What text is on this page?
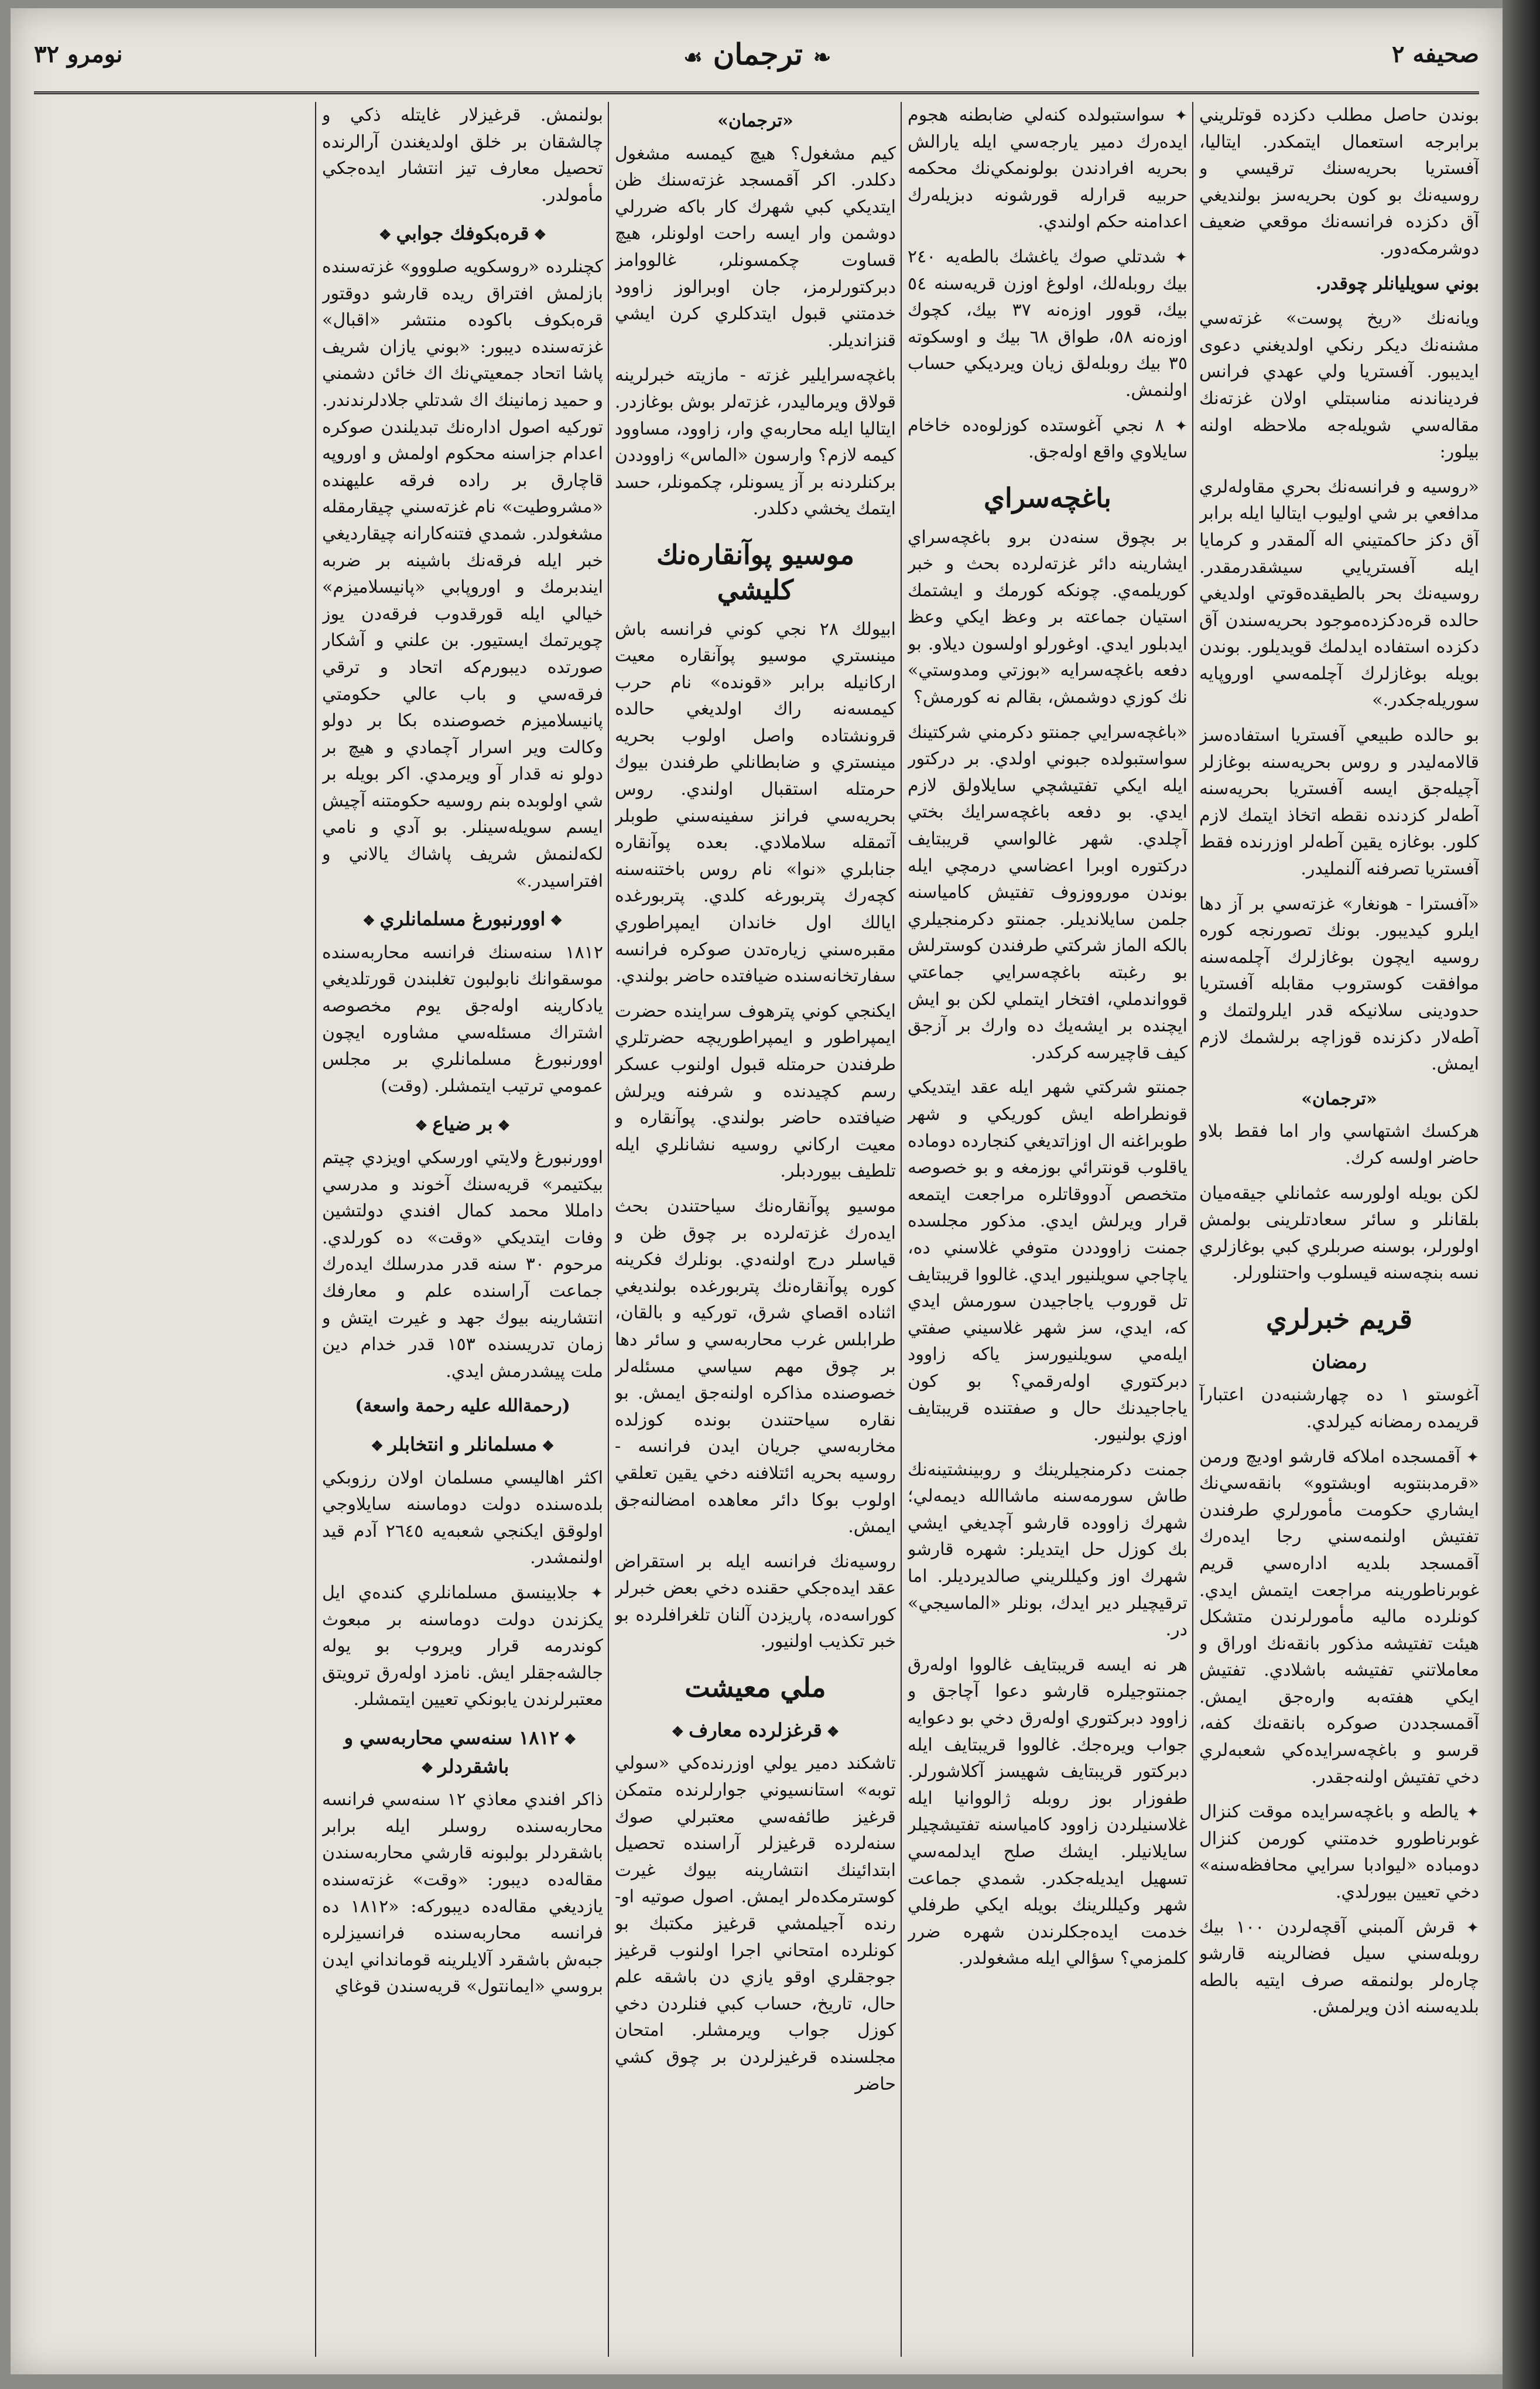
صحيفه ٢
❧ترجمان☙
نومرو ٣٢

بوندن حاصل مطلب دكزده قوتلريني برابرجه استعمال ايتمكدر. ايتاليا، آفستريا بحريه‌سنك ترقيسي و روسيه‌نك بو كون بحريه‌سز بولنديغي آق دكزده فرانسه‌نك موقعي ضعيف دوشرمكه‌دور.

بوني سويليانلر چوقدر.

ويانه‌نك «ريخ پوست» غزته‌سي مشنه‌نك ديكر رنكي اولديغني دعوى ايديبور. آفستريا ولي عهدي فرانس فرديناندنه مناسبتلي اولان غزته‌نك مقاله‌سي شويله‌جه ملاحظه اولنه بيلور:

«روسيه و فرانسه‌نك بحري مقاوله‌لري مدافعي بر شي اوليوب ايتاليا ايله برابر آق دكز حاكمتيني اله آلمقدر و كرمايا ايله آفستريايي سيشقدرمقدر. روسيه‌نك بحر بالطيقده‌قوتي اولديغي حالده قره‌دكزده‌موجود بحريه‌سندن آق دكزده استفاده ايدلمك قويديلور. بوندن بويله بوغازلرك آچلمه‌سي اوروپايه سوريله‌جكدر.»

بو حالده طبيعي آفستريا استفاده‌سز قالامه‌ليدر و روس بحريه‌سنه بوغازلر آچيله‌جق ايسه آفستريا بحريه‌سنه آطه‌لر كزدنده نقطه اتخاذ ايتمك لازم كلور. بوغازه يقين آطه‌لر اوزرنده فقط آفستريا تصرفنه آلنمليدر.

«آفسترا - هونغار» غزته‌سي بر آز دها ايلرو كيديبور. بونك تصورنجه كوره روسيه ايچون بوغازلرك آچلمه‌سنه موافقت كوستروب مقابله آفستريا حدودينى سلانيكه قدر ايلرولتمك و آطه‌لار دكزنده قوزاچه برلشمك لازم ايمش.

«ترجمان»

هركسك اشتهاسي وار اما فقط بلاو حاضر اولسه كرك.

لكن بويله اولورسه عثمانلي جيقه‌ميان بلقانلر و سائر سعادتلرينى بولمش اولورلر، بوسنه صربلري كبي بوغازلري نسه بنچه‌سنه قيسلوب واحتنلورلر.

قريم خبرلري
رمضان

آغوستو ١ ده چهارشنبه‌دن اعتبارآ قريمده رمضانه كيرلدي.

✦ آقمسجده املاكه قارشو اوديچ ورمن «قرمدبنتوبه اوبشتوو» بانقه‌سي‌نك ايشاري حكومت مأمورلري طرفندن تفتيش اولنمه‌سني رجا ايده‌رك آقمسجد بلديه اداره‌سي قريم غوبرناطورينه مراجعت ايتمش ايدي. كونلرده ماليه مأمورلرندن متشكل هيئت تفتيشه مذكور بانقه‌نك اوراق و معاملاتني تفتيشه باشلادي. تفتيش ايكي هفته‌به واره‌جق ايمش. آقمسجددن صوكره بانقه‌نك كفه، قرسو و باغچه‌سرايده‌كي شعبه‌لري دخي تفتيش اولنه‌جقدر.

✦ يالطه و باغچه‌سرايده موقت كنزال غوبرناطورو خدمتني كورمن كنزال دومباده «ليوادبا سرايي محافظه‌سنه» دخي تعيين بيورلدي.

✦ قرش آلمبني آقچه‌لردن ١٠٠ بيك روبله‌سني سيل فضالرينه قارشو چارەلر بولنمقه صرف ايتيه بالطه بلديه‌سنه اذن ويرلمش.

✦ سواستبولده كنه‌لي ضابطنه هجوم ايده‌رك دمير يارجه‌سي ايله يارالش بحريه افرادندن بولونمكي‌نك محكمه حربيه قرارله قورشونه دبزيله‌رك اعدامنه حكم اولندي.

✦ شدتلي صوك ياغشك بالطه‌يه ٢٤٠ بيك روبله‌لك، اولوغ اوزن قريه‌سنه ٥٤ بيك، قوور اوزه‌نه ٣٧ بيك، كچوك اوزه‌نه ٥٨، طواق ٦٨ بيك و اوسكوته ٣٥ بيك روبله‌لق زيان ويرديكي حساب اولنمش.

✦ ٨ نجي آغوستده كوزلوه‌ده خاخام سايلاوي واقع اوله‌جق.

باغچه‌سراي

بر بچوق سنه‌دن برو باغچه‌سراي ايشارينه دائر غزته‌لرده بحث و خبر كوريلمه‌ي. چونكه كورمك و ايشتمك استيان جماعته بر وعظ ايكي وعظ ايدبلور ايدي. اوغورلو اولسون ديلاو. بو دفعه باغچه‌سرايه «بوزتي ومدوستي» نك كوزي دوشمش، بقالم نه كورمش؟

«باغچه‌سرايي جمنتو دكرمني شركتينك سواستبولده جبوني اولدي. بر دركتور ايله ايكي تفتيشچي سايلاولق لازم ايدي. بو دفعه باغچه‌سرايك بختي آچلدي. شهر غالواسي قريبتايف دركتوره اوبرا اعضاسي درمچي ايله بوندن مورووزوف تفتيش كاميا‌سنه جلمن سايلانديلر. جمنتو دكرمنجيلري بالكه الماز شركتي طرفندن كوسترلش بو رغبته باغچه‌سرايي جماعتي قوواندملي، افتخار ايتملي لكن بو ايش ايچنده بر ايشه‌يك ده وارك بر آزجق كيف قاچيرسه كركدر.

جمنتو شركتي شهر ايله عقد ايتديكي قونطراطه ايش كوريكي و شهر طوبراغنه ال اوزاتديغي كنجارده دوماده ياقلوب قونترائي بوزمغه و بو خصوصه متخصص آدووقاتلره مراجعت ايتمعه قرار ويرلش ايدي. مذكور مجلسده جمنت زاووددن متوفي غلاسني ده، ياچاجي سويلنيور ايدي. غالووا قريبتايف تل قوروب ياجاجيدن سورمش ايدي كه، ايدي، سز شهر غلاسيني صفتي ايله‌مي سويلنيورسز ياكه زاوود دبركتوري اوله‌رقمي؟ بو كون ياجاجيدنك حال و صفتنده قريبتايف اوزي بولنيور.

جمنت دكرمنجيلرينك و روبينشتينەنك طاش سورمه‌سنه ماشاالله ديمه‌لي؛ شهرك زاووده قارشو آچديغي ايشي بك كوزل حل ايتديلر: شهره قارشو شهرك اوز وكيللريني صالديرديلر. اما ترقيچيلر دير ايدك، بونلر «الماسيجي» در.

هر نه ايسه قريبتايف غالووا اوله‌رق جمنتوجيلره قارشو دعوا آچاجق و زاوود دبركتوري اوله‌رق دخي بو دعوايه جواب ويره‌جك. غالووا قريبتايف ايله دبركتور قريبتايف شهيسز آكلاشورلر. طفوزار بوز روبله ژالووانيا ايله غلاسنيلردن زاوود كاميا‌سنه تفتيشچيلر سايلانيلر. ايشك صلح ايدلمه‌سي تسهيل ايديله‌جكدر. شمدي جماعت شهر وكيللرينك بويله ايكي طرفلي خدمت ايده‌جكلرندن شهره ضرر كلمزمي؟ سؤالي ايله مشغولدر.

«ترجمان»

كيم مشغول؟ هيچ كيمسه مشغول دكلدر. اكر آقمسجد غزته‌سنك ظن ايتديكي كبي شهرك كار باكه ضررلي دوشمن وار ايسه راحت اولونلر، هيچ قساوت چكمسونلر، غالووامز دبركتورلرمز، جان اوبرالوز زاوود خدمتني قبول ايتدكلري كرن ايشي قنزانديلر.

باغچه‌سرايلير غزته - مازيته خبرلرينه قولاق ويرماليدر، غزته‌لر بوش بوغازدر. ايتاليا ايله محاربه‌ي وار، زاوود، مساوود كيمه لازم؟ وارسون «الماس» زاووددن بركنلردنه بر آز يسونلر، چكمونلر، حسد ايتمك يخشي دكلدر.

موسيو پوآنقاره‌نك كليشي

ابيولك ٢٨ نجي كوني فرانسه باش مينستري موسيو پوآنقاره معيت اركانيله برابر «قونده» نام حرب كيمسه‌نه راك اولديغي حالده قرونشتاده واصل اولوب بحريه مينستري و ضابطانلي طرفندن بيوك حرمتله استقبال اولندي. روس بحريه‌سي فرانز سفينه‌سني طوبلر آتمقله سلاملادي. بعده پوآنقاره جنابلري «نوا» نام روس باختنه‌سنه كچه‌رك پتربورغه كلدي. پتربورغده ايالك اول خاندان ايمپراطوري مقبره‌سني زياره‌تدن صوكره فرانسه سفارتخانه‌سنده ضيافتده حاضر بولندي.

ايكنجي كوني پترهوف سراينده حضرت ايمپراطور و ايمپراطوريچه حضرتلري طرفندن حرمتله قبول اولنوب عسكر رسم كچيدنده و شرفنه ويرلش ضيافتده حاضر بولندي. پوآنقاره و معيت اركاني روسيه نشانلري ايله تلطيف بيوردبلر.

موسيو پوآنقاره‌نك سياحتندن بحث ايده‌رك غزته‌لرده بر چوق ظن و قياسلر درج اولنه‌دي. بونلرك فكرينه كوره پوآنقاره‌نك پتربورغده بولنديغي اثناده اقصاي شرق، توركيه و بالقان، طرابلس غرب محاربه‌سي و سائر دها بر چوق مهم سياسي مسئله‌لر خصوصنده مذاكره اولنه‌جق ايمش. بو نقاره سياحتندن بونده كوزلده مخاربه‌سي جريان ايدن فرانسه - روسيه بحريه ائتلافنه دخي يقين تعلقي اولوب بوكا دائر معاهده امضالنه‌جق ايمش.

روسيه‌نك فرانسه ايله بر استقراض عقد ايده‌جكي حقنده دخي بعض خبرلر كوراسه‌ده، پاريزدن آلنان تلغرافلرده بو خبر تكذيب اولنيور.

ملي معيشت
❖قرغزلرده معارف❖

تاشكند دمير يولي اوزرنده‌كي «سولي توبه» استانسيوني جوارلرنده متمكن قرغيز طائفه‌سي معتبرلي صوك سنه‌لرده قرغيزلر آراسنده تحصيل ابتدائينك انتشارينه بيوك غيرت كوسترمكده‌لر ايمش. اصول صوتيه او-رنده آجيلمشي قرغيز مكتبك بو كونلرده امتحاني اجرا اولنوب قرغيز جوجقلري اوقو يازي دن باشقه علم حال، تاريخ، حساب كبي فنلردن دخي كوزل جواب ويرمشلر. امتحان مجلسنده قرغيزلردن بر چوق كشي حاضر

بولنمش. قرغيزلار غايتله ذكي و چالشقان بر خلق اولديغندن آرالرنده تحصيل معارف تيز انتشار ايده‌جكي مأمولدر.

❖قره‌بكوفك جوابي❖

كچنلرده «روسكويه صلووو» غزته‌سنده بازلمش افتراق ريده قارشو دوقتور قره‌بكوف باكوده منتشر «اقبال» غزته‌سنده ديبور: «بوني يازان شريف پاشا اتحاد جمعيتي‌نك اك خائن دشمني و حميد زمانينك اك شدتلي جلادلرندندر. توركيه اصول اداره‌نك تبديلندن صوكره اعدام جزاسنه محكوم اولمش و اوروپه قاچارق بر راده فرقه عليهنده «مشروطيت» نام غزته‌سني چيقارمقله مشغولدر. شمدي فتنه‌كارانه چيقارديغي خبر ايله فرقه‌نك باشينه بر ضربه ايندبرمك و اوروپابي «پانيسلاميزم» خيالي ايله قورقدوب فرقه‌دن يوز چويرتمك ايستيور. بن علني و آشكار صورتده ديبورم‌كه اتحاد و ترقي فرقه‌سي و باب عالي حكومتي پانيسلاميزم خصوصنده بكا بر دولو وكالت وير اسرار آچمادي و هيچ بر دولو نه قدار آو ويرمدي. اكر بويله بر شي اولوبده بنم روسيه حكومتنه آچيش ايسم سويله‌سينلر. بو آدي و نامي لكه‌لنمش شريف پاشاك يالاني و افترا‌سيدر.»

❖اوورنبورغ مسلمانلري❖

١٨١٢ سنه‌سنك فرانسه محاربه‌سنده موسقوانك نابولبون تغلبندن قورتلديغي يادكارينه اوله‌جق يوم مخصوصه اشتراك مسئله‌سي مشاوره ايچون اوورنبورغ مسلمانلري بر مجلس عمومي ترتيب ايتمشلر. (وقت)

❖بر ضياع❖

اوورنبورغ ولايتي اورسكي اويزدي چيتم بيكتيمر» قريه‌سنك آخوند و مدرسي دامللا محمد كمال افندي دولتشين وفات ايتديكي «وقت» ده كورلدي. مرحوم ٣٠ سنه قدر مدرسلك ايده‌رك جماعت آراسنده علم و معارفك انتشارينه بيوك جهد و غيرت ايتش و زمان تدريسنده ١٥٣ قدر خدام دين ملت پيشدرمش ايدي.

(رحمةالله عليه رحمة واسعة)
❖مسلمانلر و انتخابلر❖

اكثر اهاليسي مسلمان اولان رزوبكي بلده‌سنده دولت دوماسنه سايلاوجي اولوقق ايكنجي شعبه‌يه ٢٦٤٥ آدم قيد اولنمشدر.

✦ جلابينسق مسلمانلري كنده‌ي ايل يكزندن دولت دوماسنه بر مبعوث كوندرمه قرار ويروب بو يوله جالشه‌جقلر ايش. نامزد اوله‌رق ترويتق معتبرلرندن يابونكي تعيين ايتمشلر.

❖١٨١٢ سنه‌سي محاربه‌سي و باشقردلر❖

ذاكر افندي معاذي ١٢ سنه‌سي فرانسه محاربه‌سنده روسلر ايله برابر باشقردلر بولبونه قارشي محاربه‌سندن مقاله‌ده ديبور: «وقت» غزته‌سنده يازديغي مقاله‌ده ديبوركه: «١٨١٢ ده فرانسه محاربه‌سنده فرانسيزلره جبه‌ش باشقرد آلايلرينه قومانداني ايدن بروسي «ايمانتول» قريه‌سندن قوغاي
